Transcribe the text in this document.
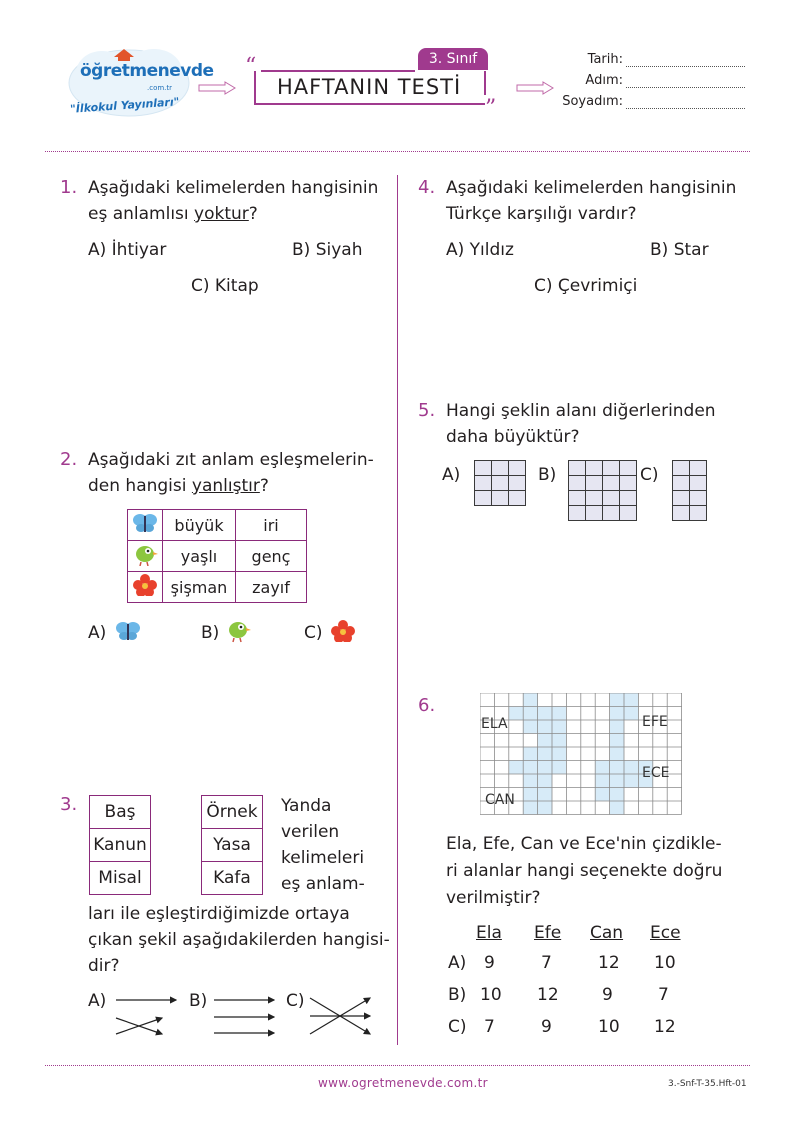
öğretmenevde
.com.tr
"İlkokul Yayınları"
“
”
HAFTANIN TESTİ
3. Sınıf	Tarih:
Adım:
Soyadım:
1. Aşağıdaki kelimelerden hangisinin
eş anlamlısı yoktur?
A) İhtiyar	B) Siyah
C) Kitap
2. Aşağıdaki zıt anlam eşleşmelerin-
den hangisi yanlıştır?
	büyük	iri
	yaşlı	genç
	şişman	zayıf
A)	B)	C)
3.	Baş
Kanun
Misal
Örnek
Yasa
Kafa
Yanda
verilen
kelimeleri
eş anlam-
ları ile eşleştirdiğimizde ortaya
çıkan şekil aşağıdakilerden hangisi-
dir?
A)	B)	C)
4. Aşağıdaki kelimelerden hangisinin
Türkçe karşılığı vardır?
A) Yıldız	B) Star
C) Çevrimiçi
5. Hangi şeklin alanı diğerlerinden
daha büyüktür?
A)	B)	C)

6.
ELA	EFE
ECE
CAN
Ela, Efe, Can ve Ece'nin çizdikle-
ri alanlar hangi seçenekte doğru
verilmiştir?
Ela Efe Can Ece
A) 9	7	12 10
B) 10 12	9	7
C) 7	9	10 12
www.ogretmenevde.com.tr	3.-Snf-T-35.Hft-01
